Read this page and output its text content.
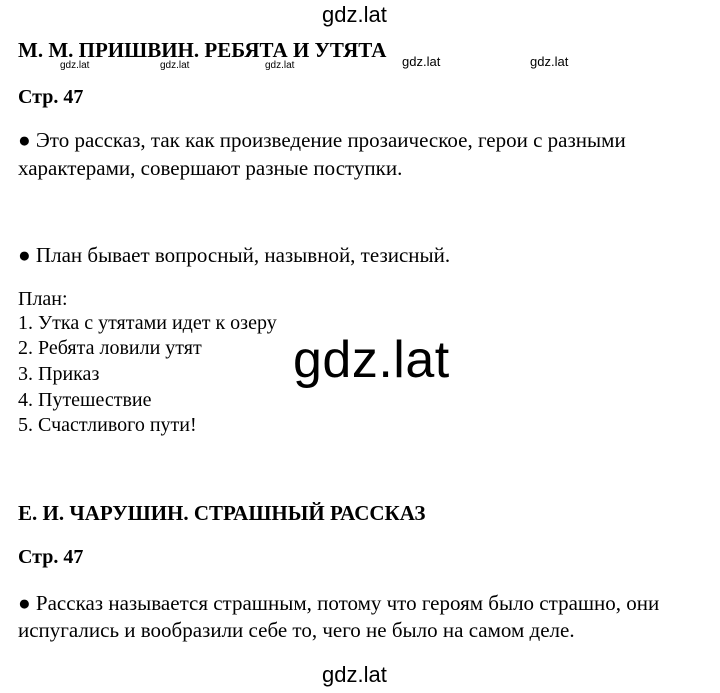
gdz.lat
М. М. ПРИШВИН. РЕБЯТА И УТЯТА
gdz.lat	gdz.lat	gdz.lat	gdz.lat	gdz.lat
Стр. 47
● Это рассказ, так как произведение прозаическое, герои с разными
характерами, совершают разные поступки.
● План бывает вопросный, назывной, тезисный.
План:
1. Утка с утятами идет к озеру
2. Ребята ловили утят
3. Приказ
4. Путешествие
5. Счастливого пути!
gdz.lat
Е. И. ЧАРУШИН. СТРАШНЫЙ РАССКАЗ
Стр. 47
● Рассказ называется страшным, потому что героям было страшно, они
испугались и вообразили себе то, чего не было на самом деле.
gdz.lat
